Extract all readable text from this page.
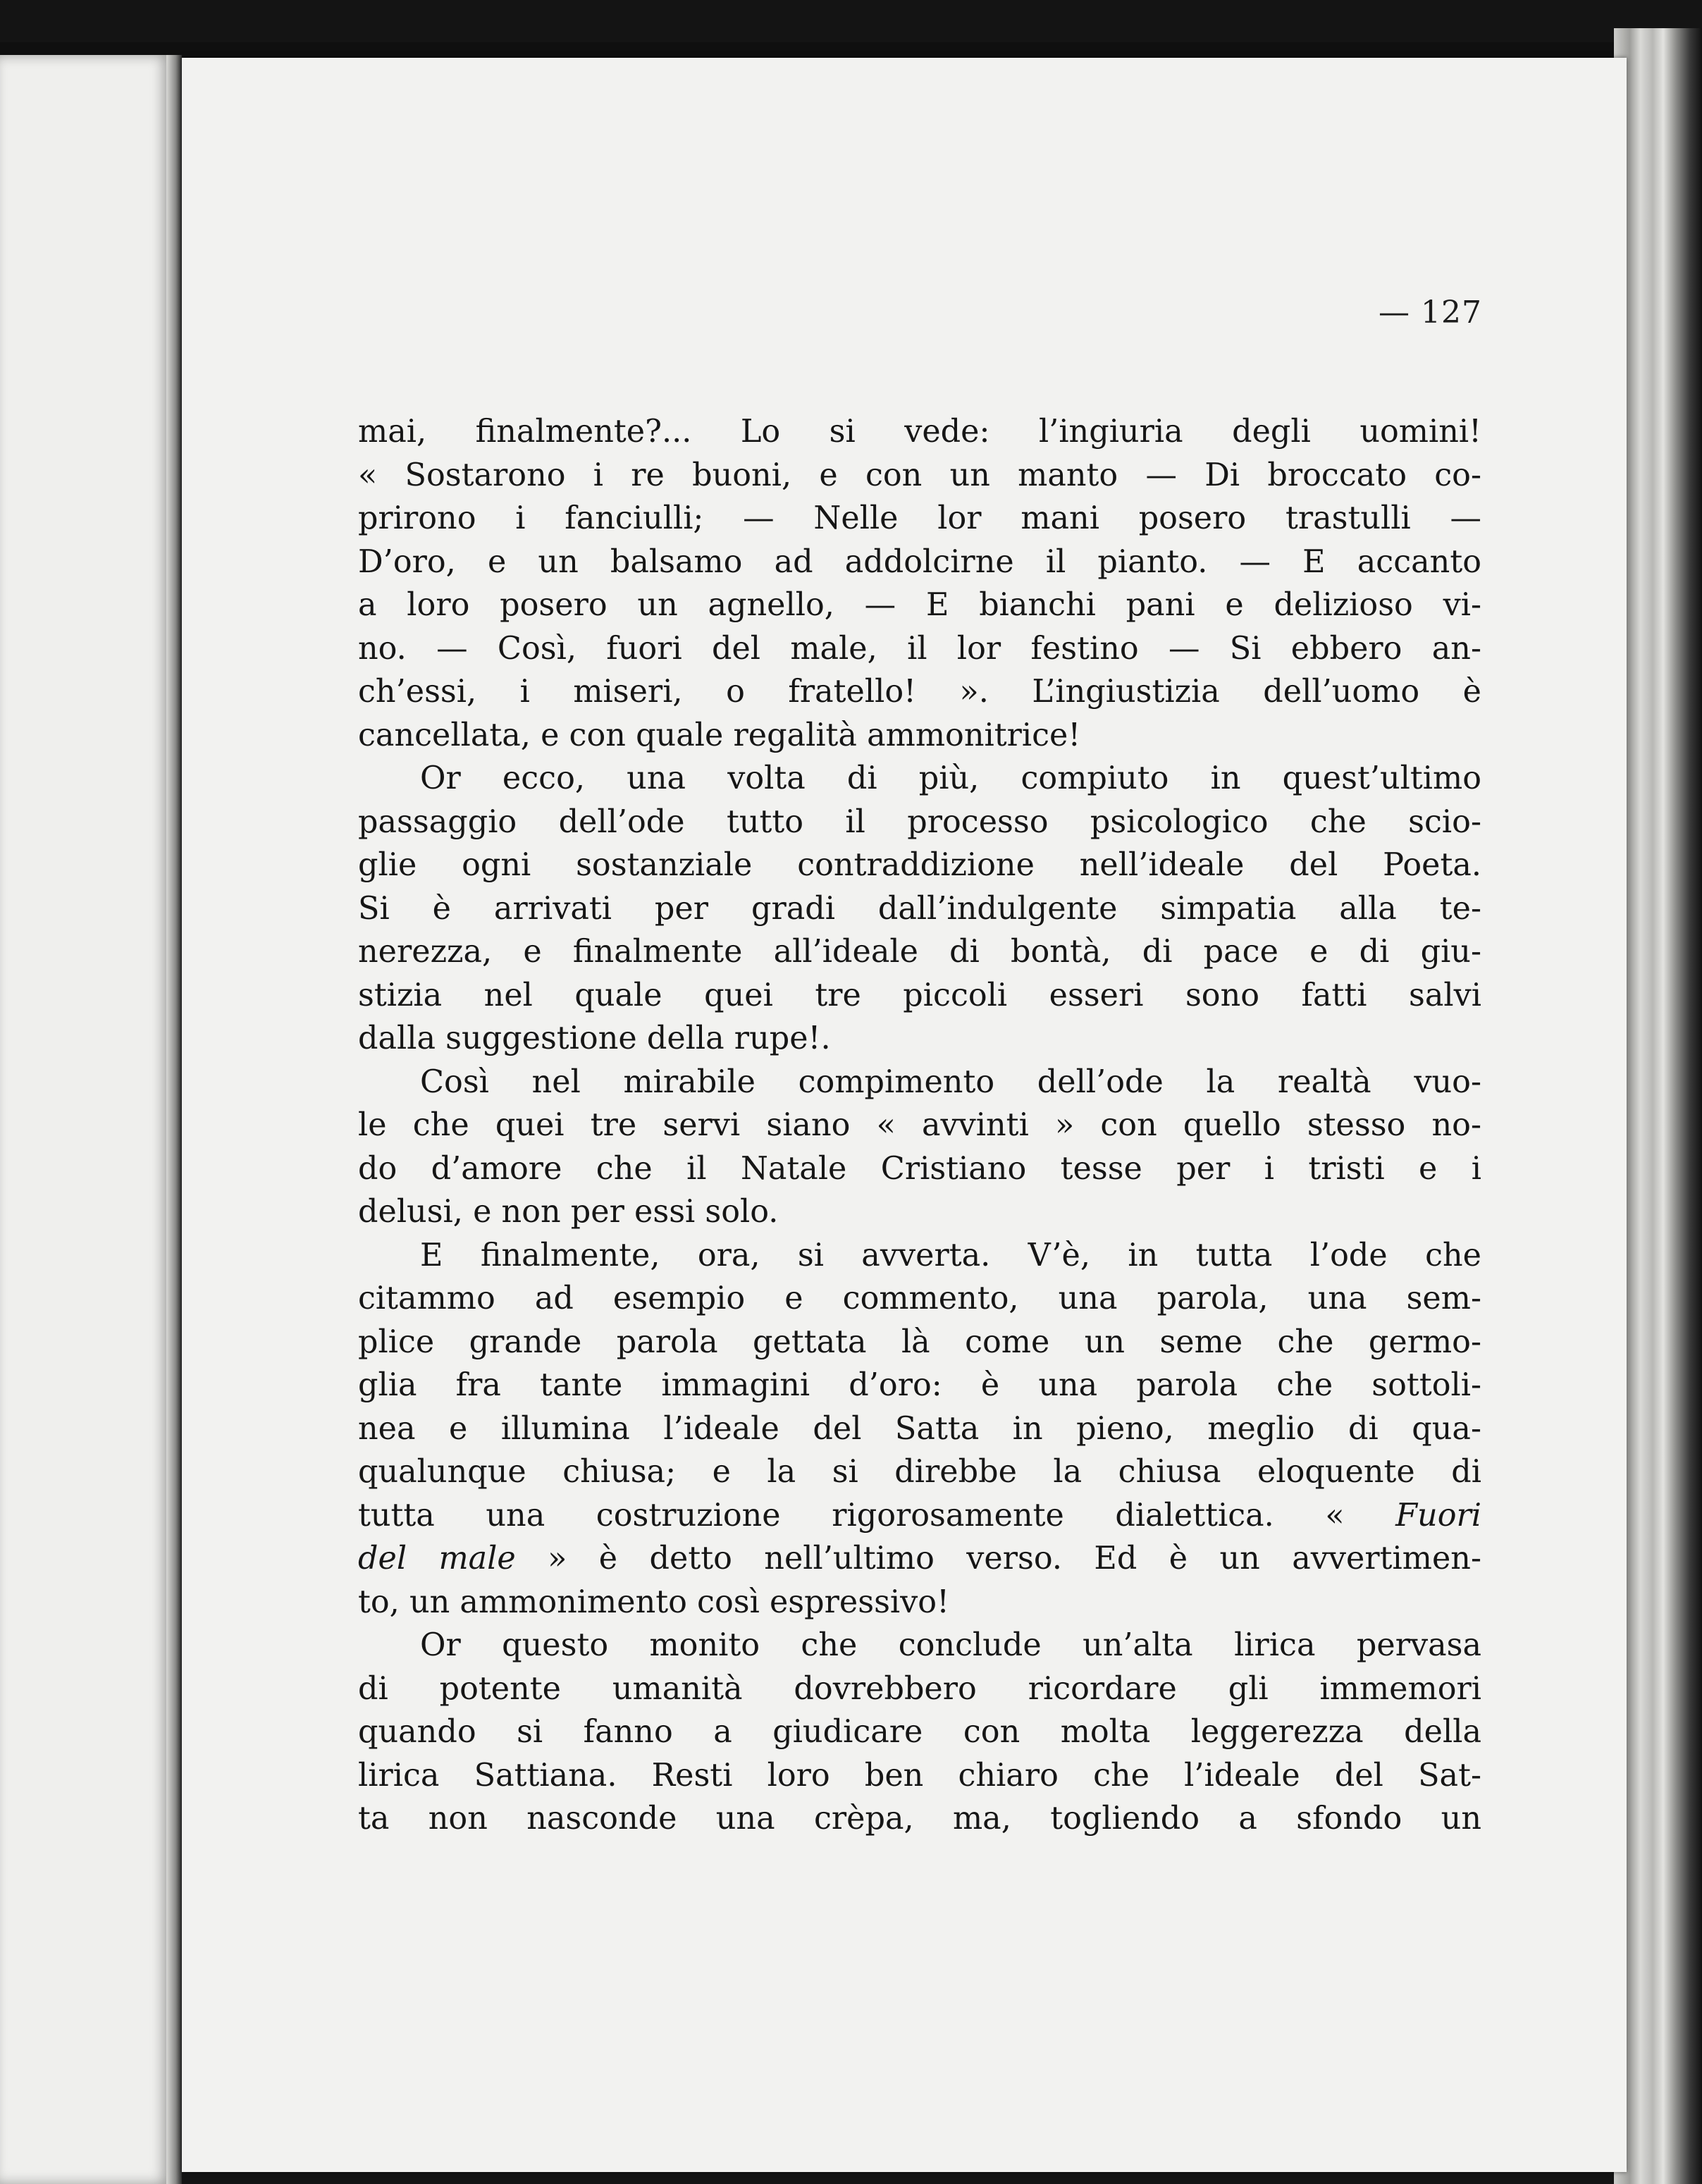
— 127
mai, finalmente?... Lo si vede: l’ingiuria degli uomini!
« Sostarono i re buoni, e con un manto — Di broccato co-
prirono i fanciulli; — Nelle lor mani posero trastulli —
D’oro, e un balsamo ad addolcirne il pianto. — E accanto
a loro posero un agnello, — E bianchi pani e delizioso vi-
no. — Così, fuori del male, il lor festino — Si ebbero an-
ch’essi, i miseri, o fratello! ». L’ingiustizia dell’uomo è
cancellata, e con quale regalità ammonitrice!
Or ecco, una volta di più, compiuto in quest’ultimo
passaggio dell’ode tutto il processo psicologico che scio-
glie ogni sostanziale contraddizione nell’ideale del Poeta.
Si è arrivati per gradi dall’indulgente simpatia alla te-
nerezza, e finalmente all’ideale di bontà, di pace e di giu-
stizia nel quale quei tre piccoli esseri sono fatti salvi
dalla suggestione della rupe!.
Così nel mirabile compimento dell’ode la realtà vuo-
le che quei tre servi siano « avvinti » con quello stesso no-
do d’amore che il Natale Cristiano tesse per i tristi e i
delusi, e non per essi solo.
E finalmente, ora, si avverta. V’è, in tutta l’ode che
citammo ad esempio e commento, una parola, una sem-
plice grande parola gettata là come un seme che germo-
glia fra tante immagini d’oro: è una parola che sottoli-
nea e illumina l’ideale del Satta in pieno, meglio di qua-
qualunque chiusa; e la si direbbe la chiusa eloquente di
tutta una costruzione rigorosamente dialettica. « Fuori
del male » è detto nell’ultimo verso. Ed è un avvertimen-
to, un ammonimento così espressivo!
Or questo monito che conclude un’alta lirica pervasa
di potente umanità dovrebbero ricordare gli immemori
quando si fanno a giudicare con molta leggerezza della
lirica Sattiana. Resti loro ben chiaro che l’ideale del Sat-
ta non nasconde una crèpa, ma, togliendo a sfondo un
